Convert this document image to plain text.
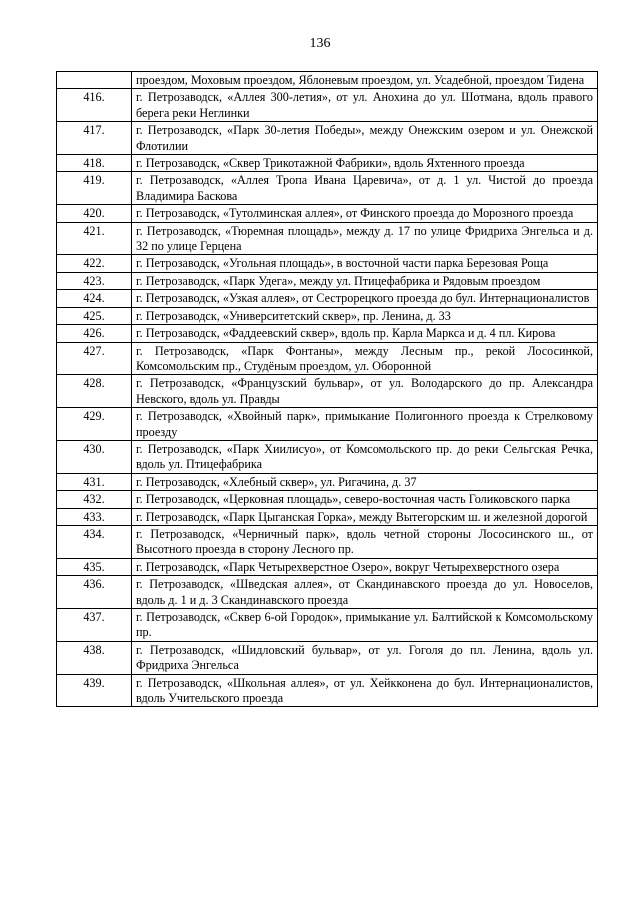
136
	проездом, Моховым проездом, Яблоневым проездом, ул. Усадебной, проездом Тидена
416.	г. Петрозаводск, «Аллея 300-летия», от ул. Анохина до ул. Шотмана, вдоль правого берега реки Неглинки
417.	г. Петрозаводск, «Парк 30-летия Победы», между Онежским озером и ул. Онежской Флотилии
418.	г. Петрозаводск, «Сквер Трикотажной Фабрики», вдоль Яхтенного проезда
419.	г. Петрозаводск, «Аллея Тропа Ивана Царевича», от д. 1 ул. Чистой до проезда Владимира Баскова
420.	г. Петрозаводск, «Тутолминская аллея», от Финского проезда до Морозного проезда
421.	г. Петрозаводск, «Тюремная площадь», между д. 17 по улице Фридриха Энгельса и д. 32 по улице Герцена
422.	г. Петрозаводск, «Угольная площадь», в восточной части парка Березовая Роща
423.	г. Петрозаводск, «Парк Удега», между ул. Птицефабрика и Рядовым проездом
424.	г. Петрозаводск, «Узкая аллея», от Сестрорецкого проезда до бул. Интернационалистов
425.	г. Петрозаводск, «Университетский сквер», пр. Ленина, д. 33
426.	г. Петрозаводск, «Фаддеевский сквер», вдоль пр. Карла Маркса и д. 4 пл. Кирова
427.	г. Петрозаводск, «Парк Фонтаны», между Лесным пр., рекой Лососинкой, Комсомольским пр., Студёным проездом, ул. Оборонной
428.	г. Петрозаводск, «Французский бульвар», от ул. Володарского до пр. Александра Невского, вдоль ул. Правды
429.	г. Петрозаводск, «Хвойный парк», примыкание Полигонного проезда к Стрелковому проезду
430.	г. Петрозаводск, «Парк Хиилисуо», от Комсомольского пр. до реки Сельгская Речка, вдоль ул. Птицефабрика
431.	г. Петрозаводск, «Хлебный сквер», ул. Ригачина, д. 37
432.	г. Петрозаводск, «Церковная площадь», северо-восточная часть Голиковского парка
433.	г. Петрозаводск, «Парк Цыганская Горка», между Вытегорским ш. и железной дорогой
434.	г. Петрозаводск, «Черничный парк», вдоль четной стороны Лососинского ш., от Высотного проезда в сторону Лесного пр.
435.	г. Петрозаводск, «Парк Четырехверстное Озеро», вокруг Четырехверстного озера
436.	г. Петрозаводск, «Шведская аллея», от Скандинавского проезда до ул. Новоселов, вдоль д. 1 и д. 3 Скандинавского проезда
437.	г. Петрозаводск, «Сквер 6-ой Городок», примыкание ул. Балтийской к Комсомольскому пр.
438.	г. Петрозаводск, «Шидловский бульвар», от ул. Гоголя до пл. Ленина, вдоль ул. Фридриха Энгельса
439.	г. Петрозаводск, «Школьная аллея», от ул. Хейкконена до бул. Интернационалистов, вдоль Учительского проезда
